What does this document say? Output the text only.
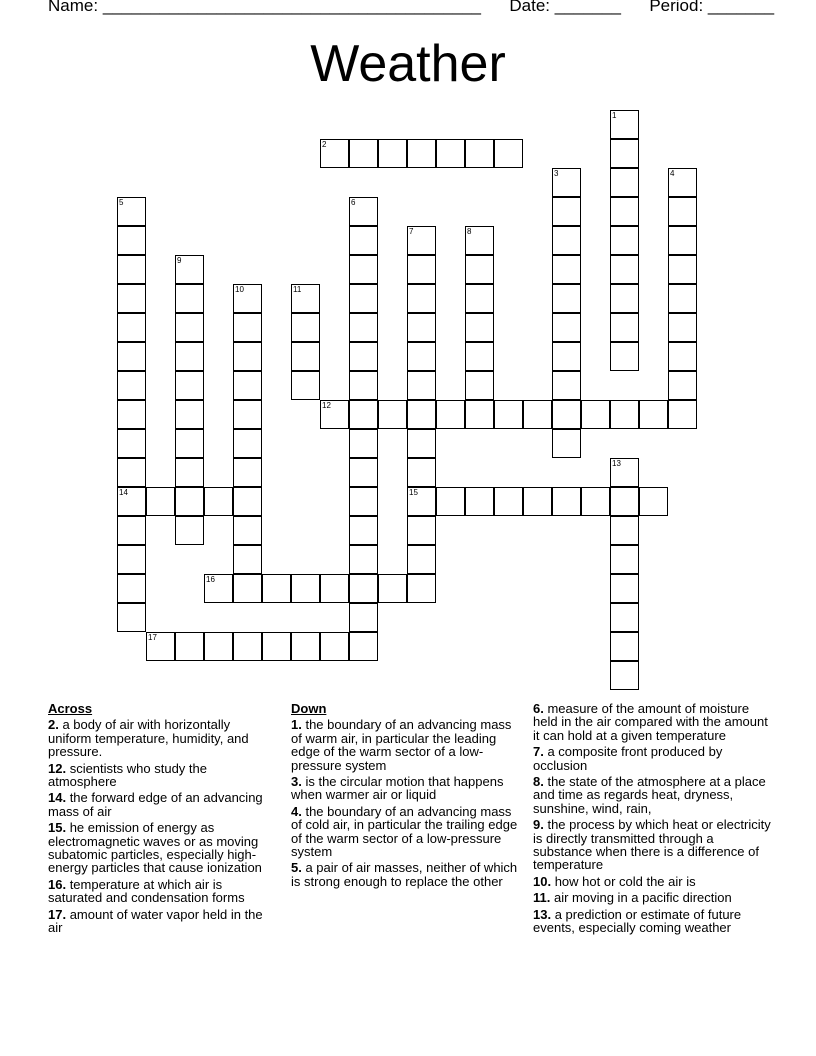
Name: ________________________________________ Date: _______ Period: _______
Weather
1
2
3	4
5	6
7	8
9
10	11
12
13
14	15
16
17
Across
2. a body of air with horizontally uniform temperature, humidity, and pressure.
12. scientists who study the atmosphere
14. the forward edge of an advancing mass of air
15. he emission of energy as electromagnetic waves or as moving subatomic particles, especially high-energy particles that cause ionization
16. temperature at which air is saturated and condensation forms
17. amount of water vapor held in the air
Down
1. the boundary of an advancing mass of warm air, in particular the leading edge of the warm sector of a low-pressure system
3. is the circular motion that happens when warmer air or liquid
4. the boundary of an advancing mass of cold air, in particular the trailing edge of the warm sector of a low-pressure system
5. a pair of air masses, neither of which is strong enough to replace the other
6. measure of the amount of moisture held in the air compared with the amount it can hold at a given temperature
7. a composite front produced by occlusion
8. the state of the atmosphere at a place and time as regards heat, dryness, sunshine, wind, rain,
9. the process by which heat or electricity is directly transmitted through a substance when there is a difference of temperature
10. how hot or cold the air is
11. air moving in a pacific direction
13. a prediction or estimate of future events, especially coming weather
